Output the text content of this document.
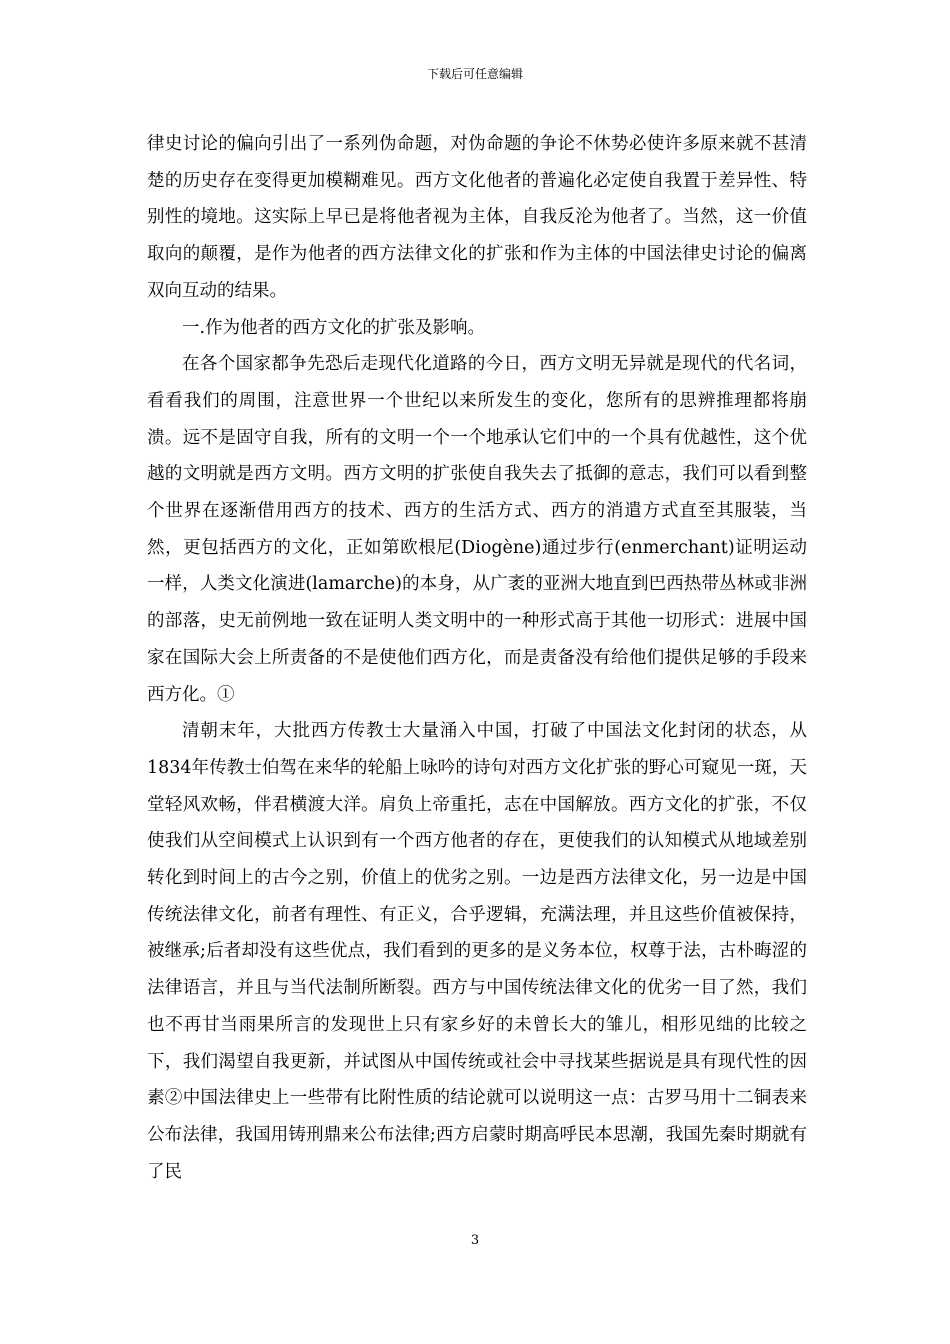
下载后可任意编辑

律史讨论的偏向引出了一系列伪命题，对伪命题的争论不休势必使许多原来就不甚清楚的历史存在变得更加模糊难见。西方文化他者的普遍化必定使自我置于差异性、特别性的境地。这实际上早已是将他者视为主体，自我反沦为他者了。当然，这一价值取向的颠覆，是作为他者的西方法律文化的扩张和作为主体的中国法律史讨论的偏离双向互动的结果。

一.作为他者的西方文化的扩张及影响。

在各个国家都争先恐后走现代化道路的今日，西方文明无异就是现代的代名词，看看我们的周围，注意世界一个世纪以来所发生的变化，您所有的思辨推理都将崩溃。远不是固守自我，所有的文明一个一个地承认它们中的一个具有优越性，这个优越的文明就是西方文明。西方文明的扩张使自我失去了抵御的意志，我们可以看到整个世界在逐渐借用西方的技术、西方的生活方式、西方的消遣方式直至其服装，当然，更包括西方的文化，正如第欧根尼(Diogène)通过步行(enmerchant)证明运动一样，人类文化演进(lamarche)的本身，从广袤的亚洲大地直到巴西热带丛林或非洲的部落，史无前例地一致在证明人类文明中的一种形式高于其他一切形式：进展中国家在国际大会上所责备的不是使他们西方化，而是责备没有给他们提供足够的手段来西方化。①

清朝末年，大批西方传教士大量涌入中国，打破了中国法文化封闭的状态，从1834年传教士伯驾在来华的轮船上咏吟的诗句对西方文化扩张的野心可窥见一斑，天堂轻风欢畅，伴君横渡大洋。肩负上帝重托，志在中国解放。西方文化的扩张，不仅使我们从空间模式上认识到有一个西方他者的存在，更使我们的认知模式从地域差别转化到时间上的古今之别，价值上的优劣之别。一边是西方法律文化，另一边是中国传统法律文化，前者有理性、有正义，合乎逻辑，充满法理，并且这些价值被保持，被继承;后者却没有这些优点，我们看到的更多的是义务本位，权尊于法，古朴晦涩的法律语言，并且与当代法制所断裂。西方与中国传统法律文化的优劣一目了然，我们也不再甘当雨果所言的发现世上只有家乡好的未曾长大的雏儿，相形见绌的比较之下，我们渴望自我更新，并试图从中国传统或社会中寻找某些据说是具有现代性的因素②中国法律史上一些带有比附性质的结论就可以说明这一点：古罗马用十二铜表来公布法律，我国用铸刑鼎来公布法律;西方启蒙时期高呼民本思潮，我国先秦时期就有了民

3
